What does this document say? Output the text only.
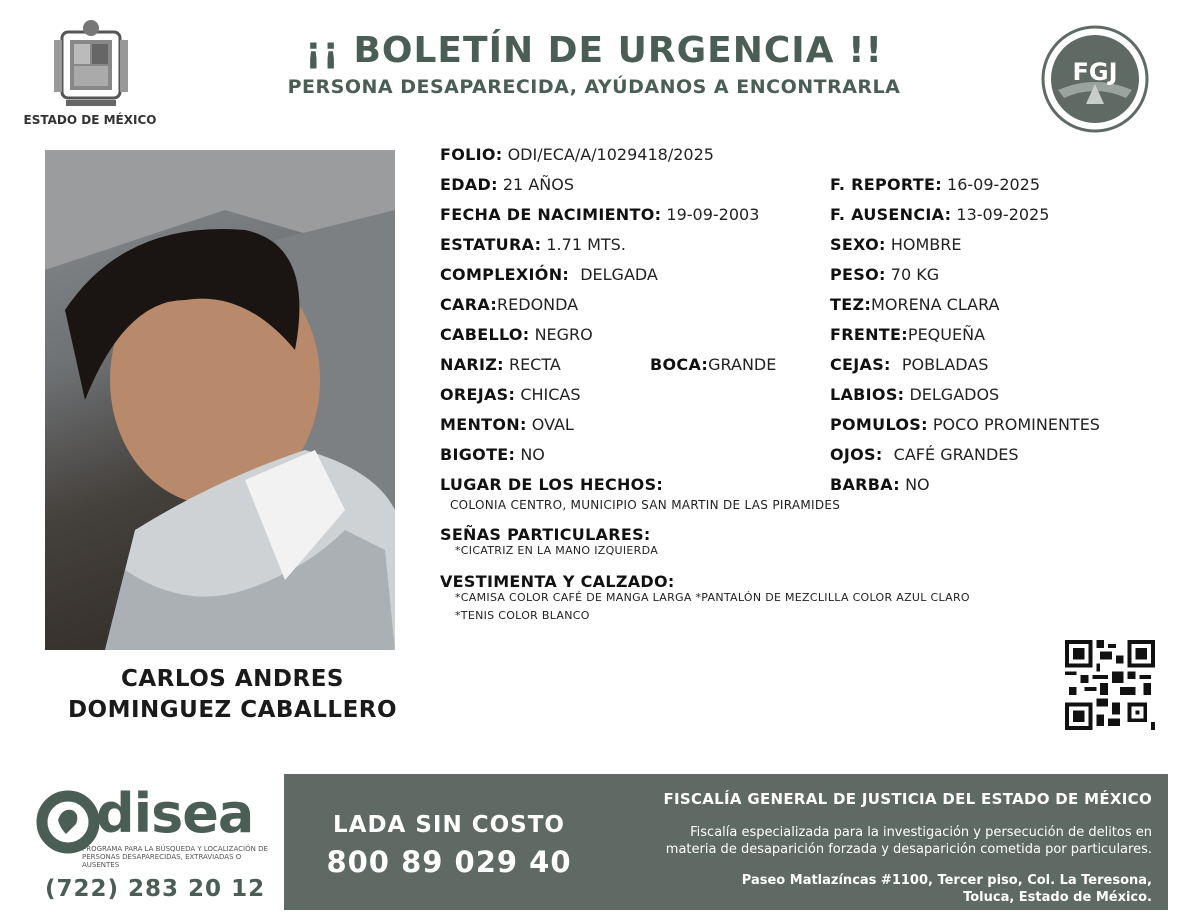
ESTADO DE MÉXICO
¡¡ BOLETÍN DE URGENCIA !!
PERSONA DESAPARECIDA, AYÚDANOS A ENCONTRARLA
FGJ
CARLOS ANDRES
DOMINGUEZ CABALLERO
FOLIO: ODI/ECA/A/1029418/2025
EDAD: 21 AÑOS	F. REPORTE: 16-09-2025
FECHA DE NACIMIENTO: 19-09-2003	F. AUSENCIA: 13-09-2025
ESTATURA: 1.71 MTS.	SEXO: HOMBRE
COMPLEXIÓN: DELGADA	PESO: 70 KG
CARA:REDONDA	TEZ:MORENA CLARA
CABELLO: NEGRO	FRENTE:PEQUEÑA
NARIZ: RECTA	BOCA:GRANDE	CEJAS: POBLADAS
OREJAS: CHICAS	LABIOS: DELGADOS
MENTON: OVAL	POMULOS: POCO PROMINENTES
BIGOTE: NO	OJOS: CAFÉ GRANDES
LUGAR DE LOS HECHOS:	BARBA: NO
COLONIA CENTRO, MUNICIPIO SAN MARTIN DE LAS PIRAMIDES
SEÑAS PARTICULARES:
*CICATRIZ EN LA MANO IZQUIERDA
VESTIMENTA Y CALZADO:
*CAMISA COLOR CAFÉ DE MANGA LARGA *PANTALÓN DE MEZCLILLA COLOR AZUL CLARO
*TENIS COLOR BLANCO
disea
PROGRAMA PARA LA BÚSQUEDA Y LOCALIZACIÓN DE PERSONAS DESAPARECIDAS, EXTRAVIADAS O AUSENTES
(722) 283 20 12
LADA SIN COSTO
800 89 029 40
FISCALÍA GENERAL DE JUSTICIA DEL ESTADO DE MÉXICO
Fiscalía especializada para la investigación y persecución de delitos en
materia de desaparición forzada y desaparición cometida por particulares.
Paseo Matlazíncas #1100, Tercer piso, Col. La Teresona,
Toluca, Estado de México.
